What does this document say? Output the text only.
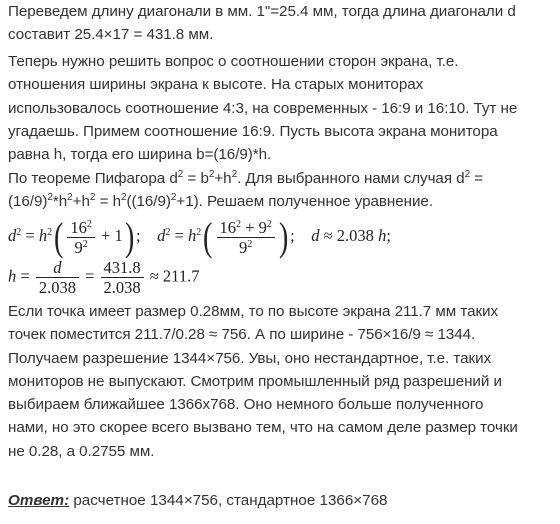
Переведем длину диагонали в мм. 1"=25.4 мм, тогда длина диагонали d
составит 25.4×17 = 431.8 мм.
Теперь нужно решить вопрос о соотношении сторон экрана, т.е.
отношения ширины экрана к высоте. На старых мониторах
использовалось соотношение 4:3, на современных - 16:9 и 16:10. Тут не
угадаешь. Примем соотношение 16:9. Пусть высота экрана монитора
равна h, тогда его ширина b=(16/9)*h.
По теореме Пифагора $d^2 = b^2+h^2$. Для выбранного нами случая $d^2$ =
$(16/9)^2*h^2+h^2 = h^2((16/9)^2+1)$. Решаем полученное уравнение.
$d^2 = h^2( \frac{16^2}{9^2} + 1)$ ; $d^2 = h^2( \frac{16^2 + 9^2}{9^2}$ ) ; d ≈ 2.038 h;
$h = \frac{d}{2.038} = \frac{431.8}{2.038} \approx 211.7$
Если точка имеет размер 0.28мм, то по высоте экрана 211.7 мм таких
точек поместится 211.7/0.28 ≈ 756. А по ширине - 756×16/9 ≈ 1344.
Получаем разрешение 1344×756. Увы, оно нестандартное, т.е. таких
мониторов не выпускают. Смотрим промышленный ряд разрешений и
выбираем ближайшее 1366x768. Оно немного больше полученного
нами, но это скорее всего вызвано тем, что на самом деле размер точки
не 0.28, а 0.2755 мм.
Ответ: расчетное 1344×756, стандартное 1366×768
